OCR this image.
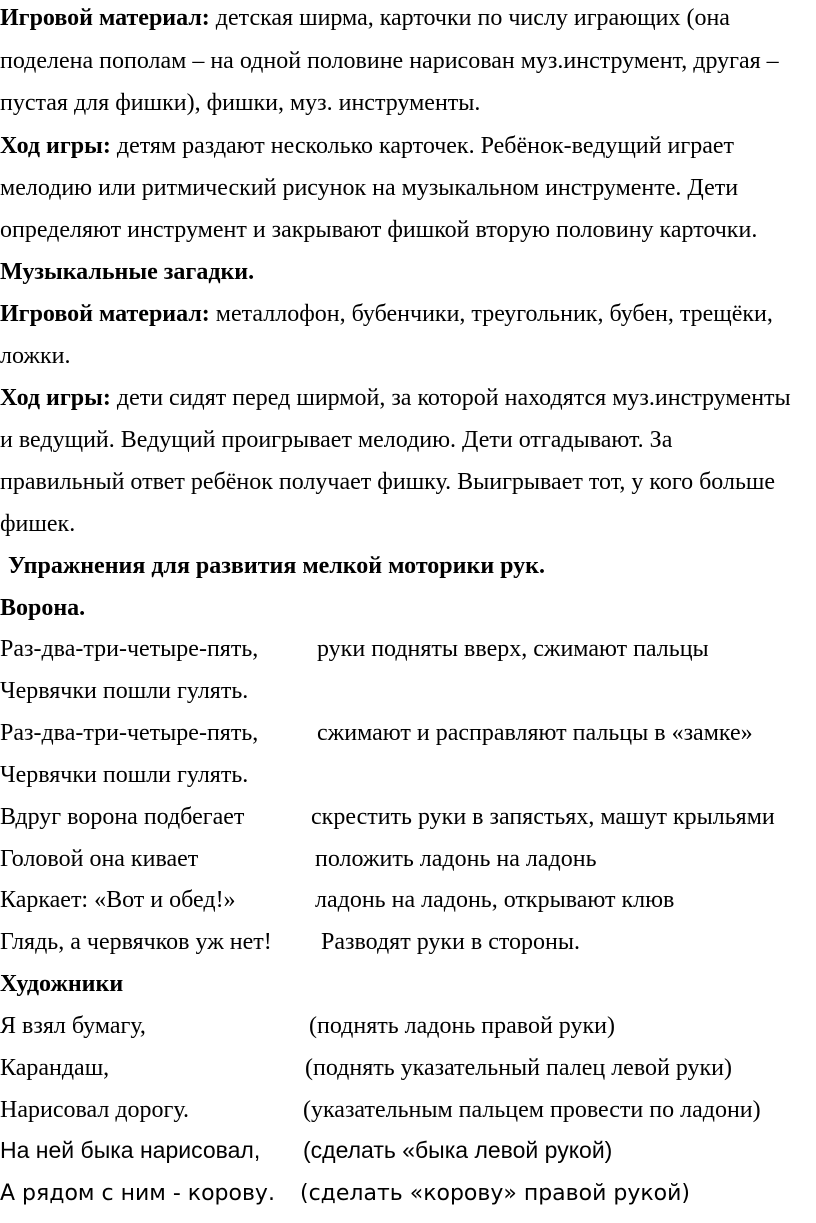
Игровой материал: детская ширма, карточки по числу играющих (она
поделена пополам – на одной половине нарисован муз.инструмент, другая –
пустая для фишки), фишки, муз. инструменты.
Ход игры: детям раздают несколько карточек. Ребёнок-ведущий играет
мелодию или ритмический рисунок на музыкальном инструменте. Дети
определяют инструмент и закрывают фишкой вторую половину карточки.
Музыкальные загадки.
Игровой материал: металлофон, бубенчики, треугольник, бубен, трещёки,
ложки.
Ход игры: дети сидят перед ширмой, за которой находятся муз.инструменты
и ведущий. Ведущий проигрывает мелодию. Дети отгадывают. За
правильный ответ ребёнок получает фишку. Выигрывает тот, у кого больше
фишек.
Упражнения для развития мелкой моторики рук.
Ворона.
Раз-два-три-четыре-пять, руки подняты вверх, сжимают пальцы
Червячки пошли гулять.
Раз-два-три-четыре-пять, сжимают и расправляют пальцы в «замке»
Червячки пошли гулять.
Вдруг ворона подбегает	скрестить руки в запястьях, машут крыльями
Головой она кивает	положить ладонь на ладонь
Каркает: «Вот и обед!»	ладонь на ладонь, открывают клюв
Глядь, а червячков уж нет! Разводят руки в стороны.
Художники
Я взял бумагу,	(поднять ладонь правой руки)
Карандаш,	(поднять указательный палец левой руки)
Нарисовал дорогу.	(указательным пальцем провести по ладони)
На ней быка нарисовал, (сделать «быка левой рукой)
А рядом с ним - корову. (сделать «корову» правой рукой)
